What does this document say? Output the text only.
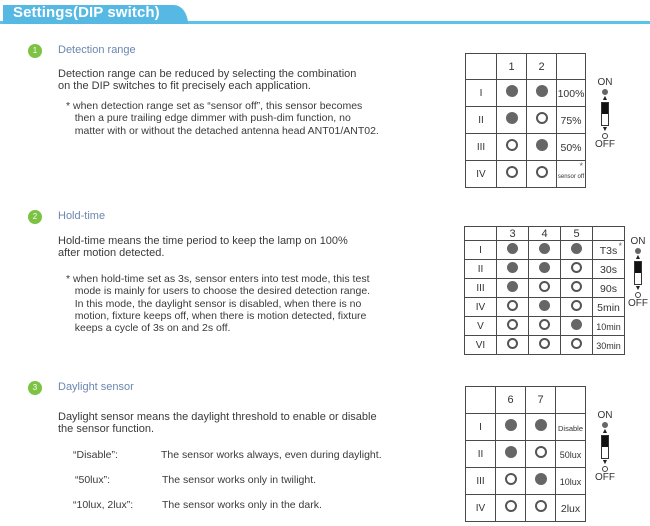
Settings(DIP switch)
1	Detection range
Detection range can be reduced by selecting the combination
on the DIP switches to fit precisely each application.
* when detection range set as “sensor off”, this sensor becomes
then a pure trailing edge dimmer with push-dim function, no
matter with or without the detached antenna head ANT01/ANT02.
	1	2	
I			100%
II			75%
III			50%
IV			sensor off
*
ON
▲
▼
OFF
2	Hold-time
Hold-time means the time period to keep the lamp on 100%
after motion detected.
* when hold-time set as 3s, sensor enters into test mode, this test
mode is mainly for users to choose the desired detection range.
In this mode, the daylight sensor is disabled, when there is no
motion, fixture keeps off, when there is motion detected, fixture
keeps a cycle of 3s on and 2s off.
	3	4	5	
I				T3s *

II				30s
III				90s
IV				5min
V				10min
VI				30min
ON
▲
▼
OFF
3	Daylight sensor
Daylight sensor means the daylight threshold to enable or disable
the sensor function.
“Disable”:	The sensor works always, even during daylight.
“50lux”:	The sensor works only in twilight.
“10lux, 2lux”:	The sensor works only in the dark.
	6	7	
I			Disable
II			50lux
III			10lux
IV			2lux
ON
▲
▼
OFF
